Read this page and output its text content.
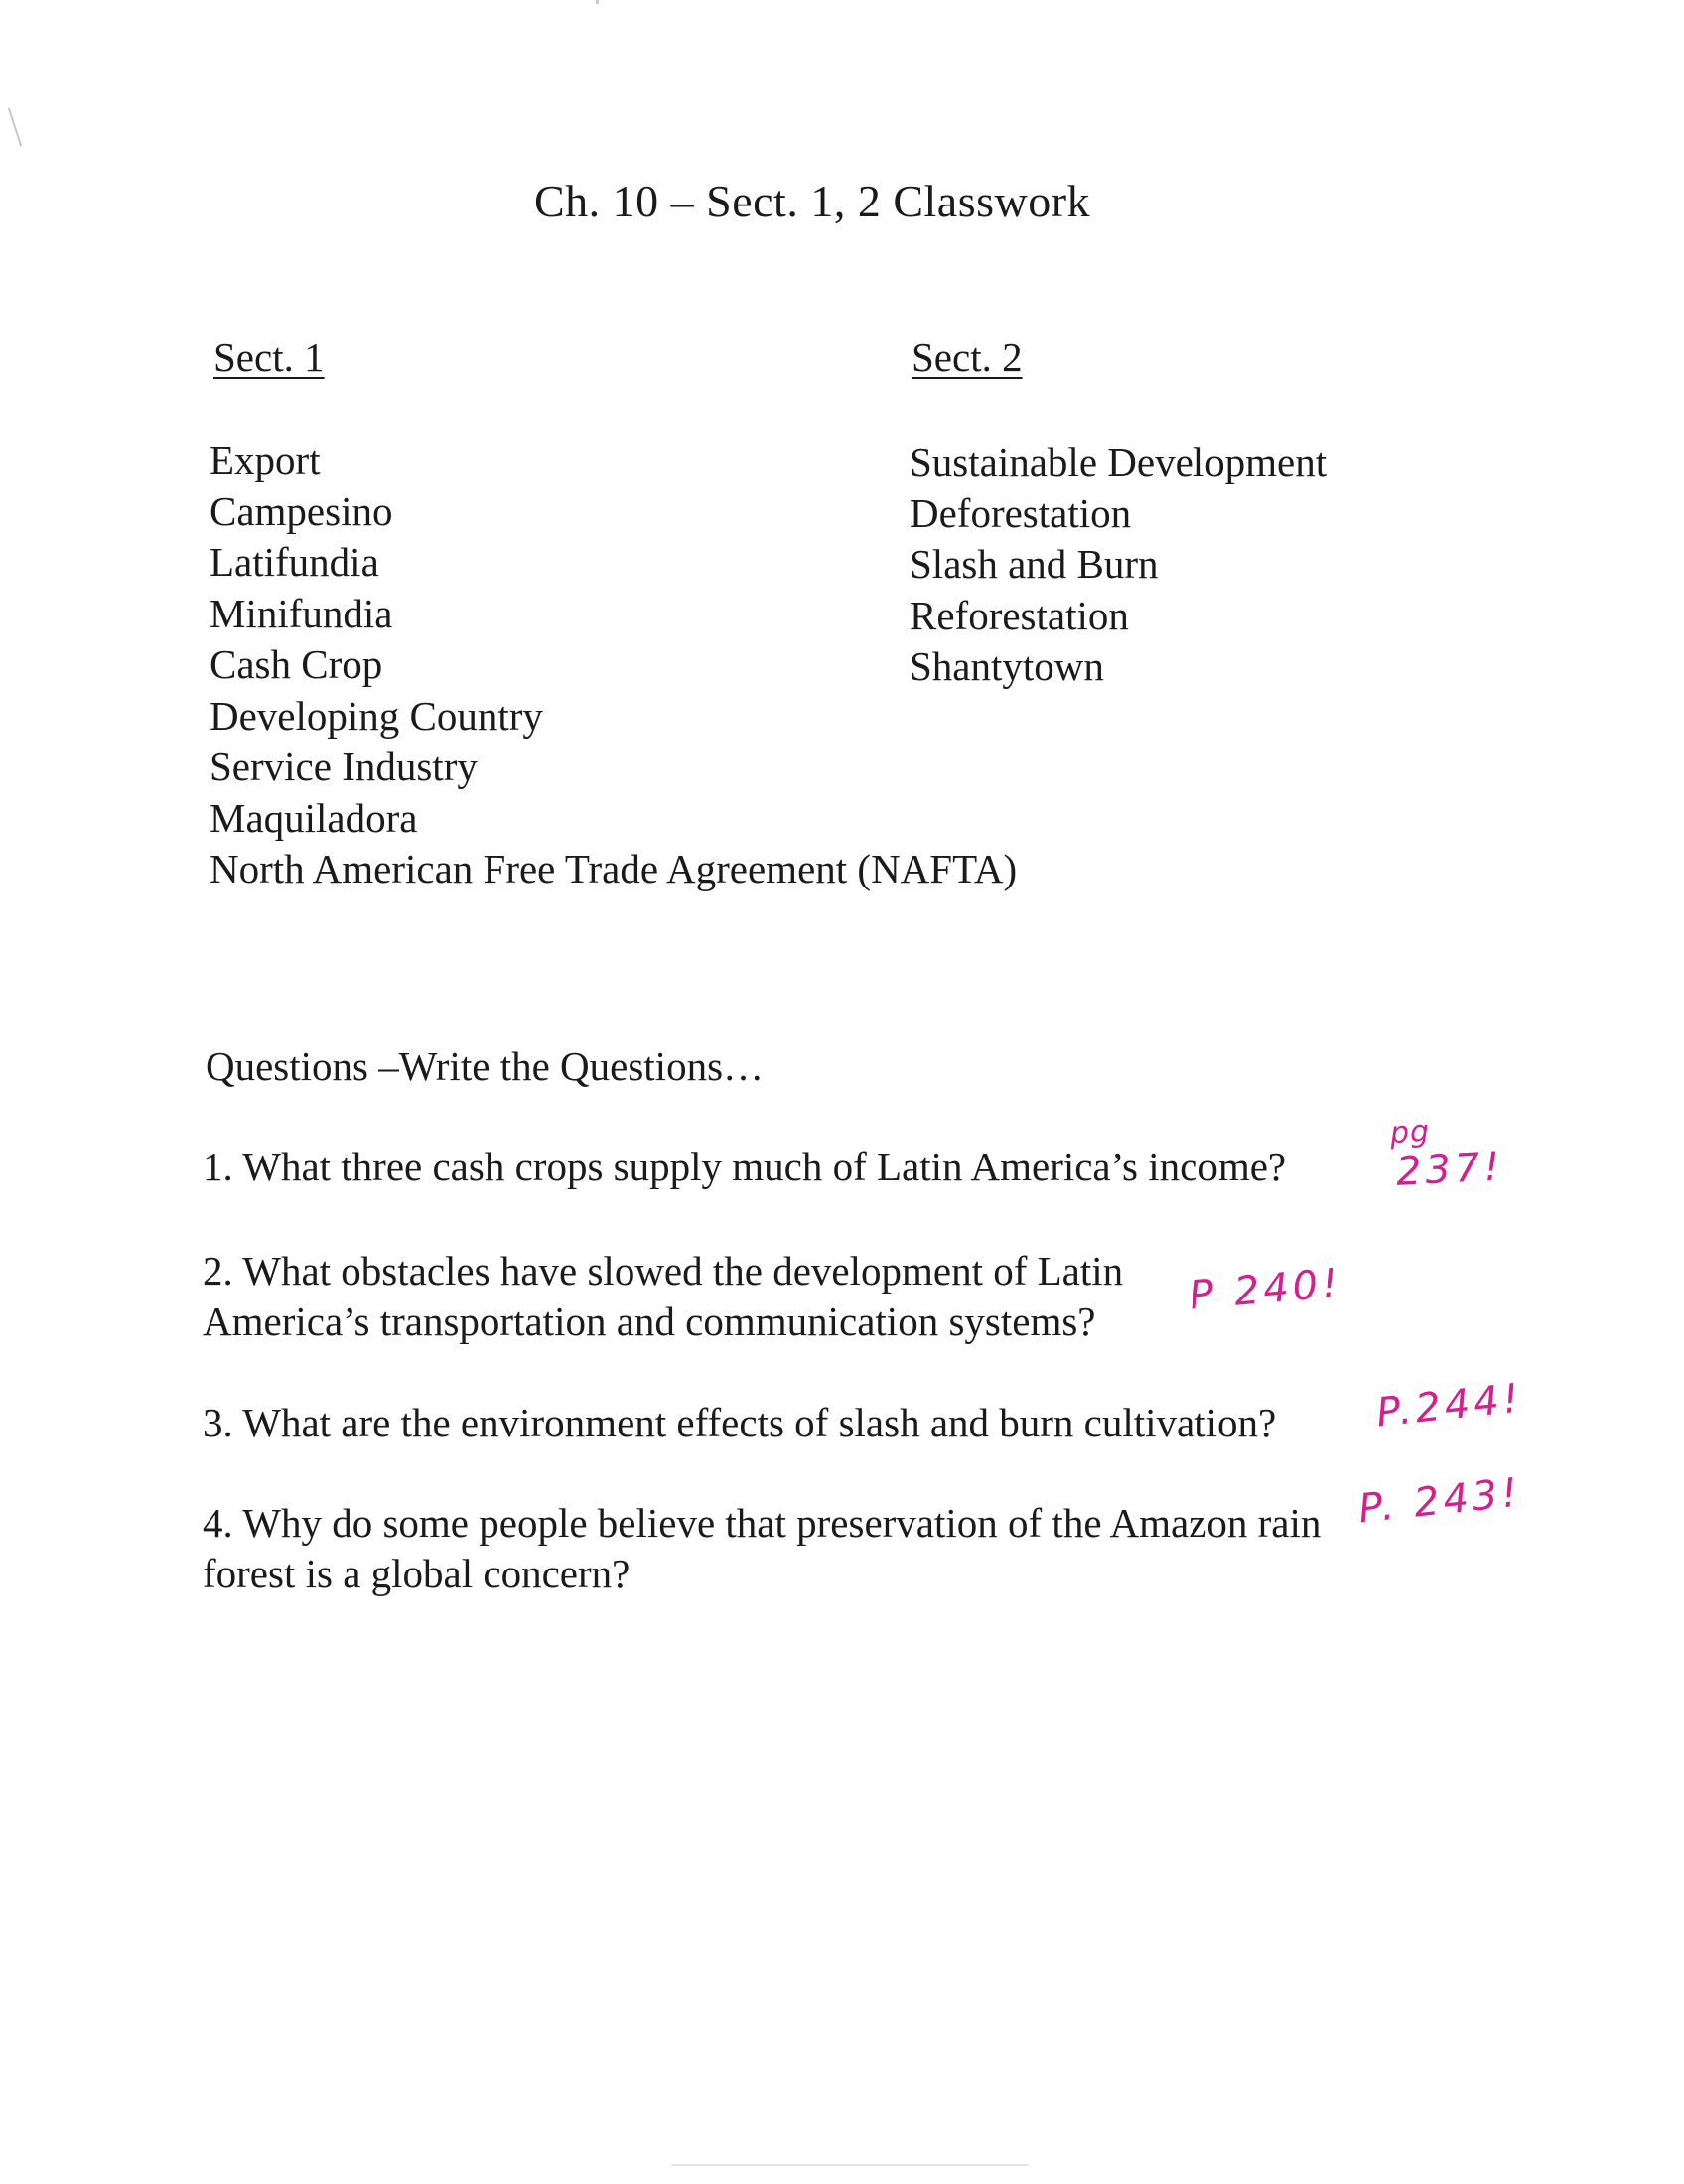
Ch. 10 – Sect. 1, 2 Classwork
Sect. 1	Sect. 2
Export
Campesino
Latifundia
Minifundia
Cash Crop
Developing Country
Service Industry
Maquiladora
North American Free Trade Agreement (NAFTA)
Sustainable Development
Deforestation
Slash and Burn
Reforestation
Shantytown
Questions –Write the Questions…
1. What three cash crops supply much of Latin America’s income?
2. What obstacles have slowed the development of Latin America’s transportation and communication systems?
3. What are the environment effects of slash and burn cultivation?
4. Why do some people believe that preservation of the Amazon rain forest is a global concern?
pg
237!
P 240!
P.244!
P. 243!
